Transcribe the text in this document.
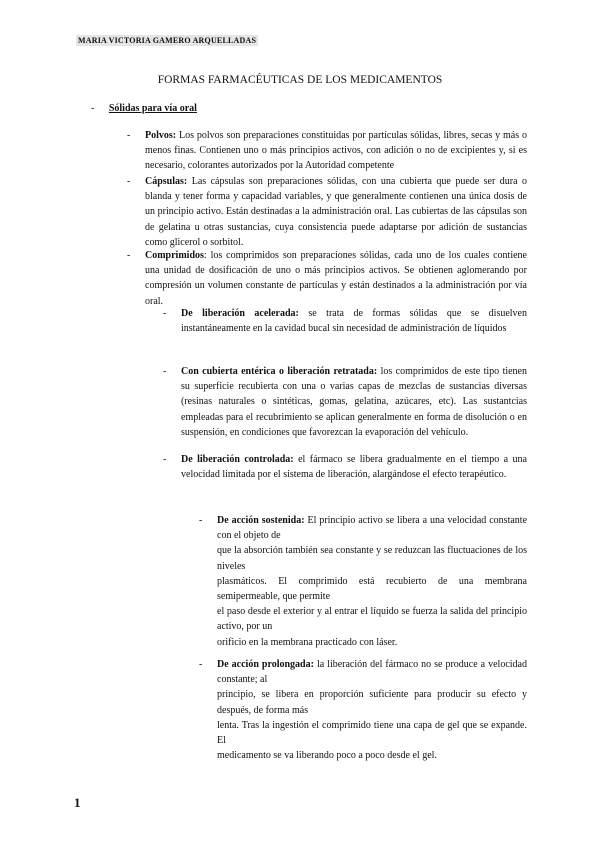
MARIA VICTORIA GAMERO ARQUELLADAS
FORMAS FARMACÉUTICAS DE LOS MEDICAMENTOS
- Sólidas para vía oral
- Polvos: Los polvos son preparaciones constituidas por partículas sólidas, libres, secas y más o menos finas. Contienen uno o más principios activos, con adición o no de excipientes y, si es necesario, colorantes autorizados por la Autoridad competente

- Cápsulas: Las cápsulas son preparaciones sólidas, con una cubierta que puede ser dura o blanda y tener forma y capacidad variables, y que generalmente contienen una única dosis de un principio activo. Están destinadas a la administración oral. Las cubiertas de las cápsulas son de gelatina u otras sustancias, cuya consistencia puede adaptarse por adición de sustancias como glicerol o sorbitol.

- Comprimidos: los comprimidos son preparaciones sólidas, cada uno de los cuales contiene una unidad de dosificación de uno o más principios activos. Se obtienen aglomerando por compresión un volumen constante de partículas y están destinados a la administración por vía oral.

- De liberación acelerada: se trata de formas sólidas que se disuelven instantáneamente en la cavidad bucal sin necesidad de administración de líquidos

- Con cubierta entérica o liberación retratada: los comprimidos de este tipo tienen su superficie recubierta con una o varias capas de mezclas de sustancias diversas (resinas naturales o sintéticas, gomas, gelatina, azúcares, etc). Las sustantcias empleadas para el recubrimiento se aplican generalmente en forma de disolución o en suspensión, en condiciones que favorezcan la evaporación del vehículo.

- De liberación controlada: el fármaco se libera gradualmente en el tiempo a una velocidad limitada por el sistema de liberación, alargándose el efecto terapéutico.

- De acción sostenida: El principio activo se libera a una velocidad constante con el objeto de

que la absorción también sea constante y se reduzcan las fluctuaciones de los niveles

plasmáticos. El comprimido está recubierto de una membrana semipermeable, que permite

el paso desde el exterior y al entrar el líquido se fuerza la salida del principio activo, por un

orificio en la membrana practicado con láser.

- De acción prolongada: la liberación del fármaco no se produce a velocidad constante; al

principio, se libera en proporción suficiente para producir su efecto y después, de forma más

lenta. Tras la ingestión el comprimido tiene una capa de gel que se expande. El

medicamento se va liberando poco a poco desde el gel.

1
